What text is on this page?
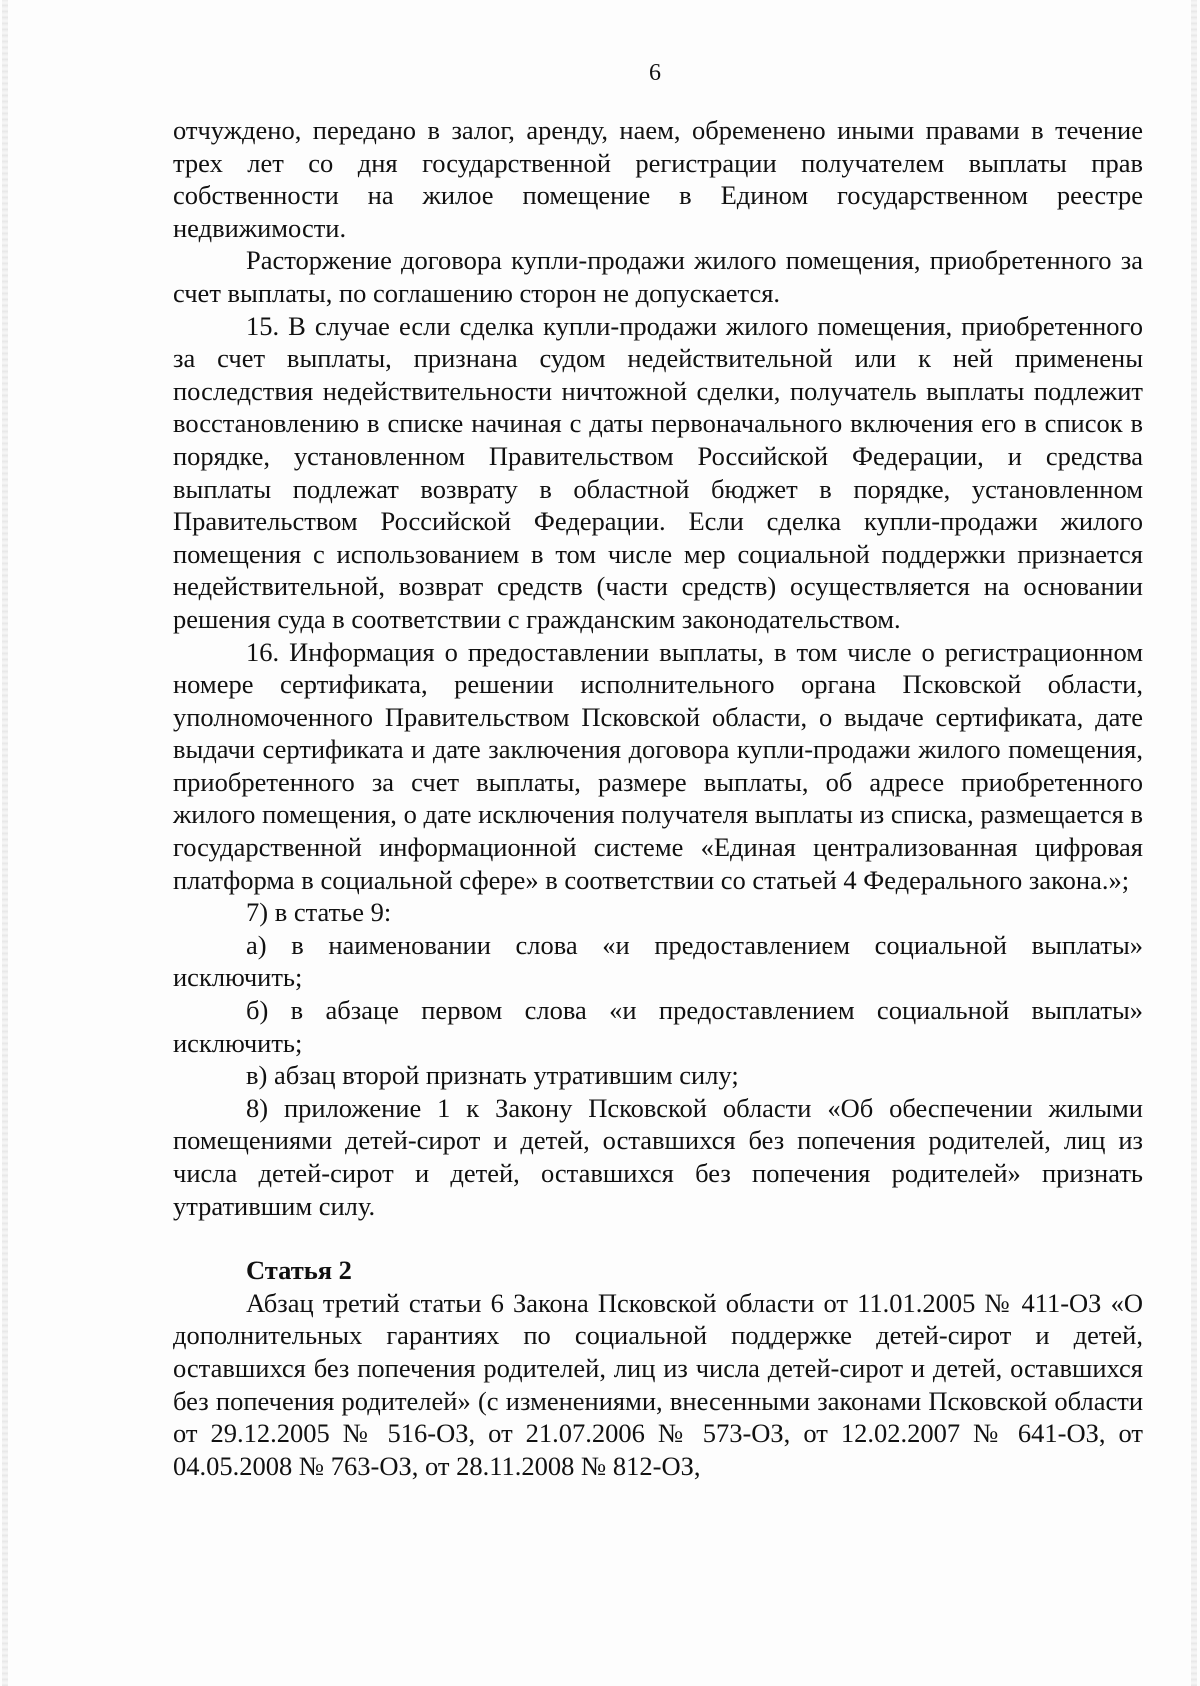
6

отчуждено, передано в залог, аренду, наем, обременено иными правами в течение трех лет со дня государственной регистрации получателем выплаты прав собственности на жилое помещение в Едином государственном реестре недвижимости.

Расторжение договора купли-продажи жилого помещения, приобретенного за счет выплаты, по соглашению сторон не допускается.

15. В случае если сделка купли-продажи жилого помещения, приобретенного за счет выплаты, признана судом недействительной или к ней применены последствия недействительности ничтожной сделки, получатель выплаты подлежит восстановлению в списке начиная с даты первоначального включения его в список в порядке, установленном Правительством Российской Федерации, и средства выплаты подлежат возврату в областной бюджет в порядке, установленном Правительством Российской Федерации. Если сделка купли-продажи жилого помещения с использованием в том числе мер социальной поддержки признается недействительной, возврат средств (части средств) осуществляется на основании решения суда в соответствии с гражданским законодательством.

16. Информация о предоставлении выплаты, в том числе о регистрационном номере сертификата, решении исполнительного органа Псковской области, уполномоченного Правительством Псковской области, о выдаче сертификата, дате выдачи сертификата и дате заключения договора купли-продажи жилого помещения, приобретенного за счет выплаты, размере выплаты, об адресе приобретенного жилого помещения, о дате исключения получателя выплаты из списка, размещается в государственной информационной системе «Единая централизованная цифровая платформа в социальной сфере» в соответствии со статьей 4 Федерального закона.»;

7) в статье 9:

а) в наименовании слова «и предоставлением социальной выплаты» исключить;

б) в абзаце первом слова «и предоставлением социальной выплаты» исключить;

в) абзац второй признать утратившим силу;

8) приложение 1 к Закону Псковской области «Об обеспечении жилыми помещениями детей-сирот и детей, оставшихся без попечения родителей, лиц из числа детей-сирот и детей, оставшихся без попечения родителей» признать утратившим силу.

Статья 2

Абзац третий статьи 6 Закона Псковской области от 11.01.2005 № 411-ОЗ «О дополнительных гарантиях по социальной поддержке детей-сирот и детей, оставшихся без попечения родителей, лиц из числа детей-сирот и детей, оставшихся без попечения родителей» (с изменениями, внесенными законами Псковской области от 29.12.2005 № 516-ОЗ, от 21.07.2006 № 573-ОЗ, от 12.02.2007 № 641-ОЗ, от 04.05.2008 № 763-ОЗ, от 28.11.2008 № 812-ОЗ,
